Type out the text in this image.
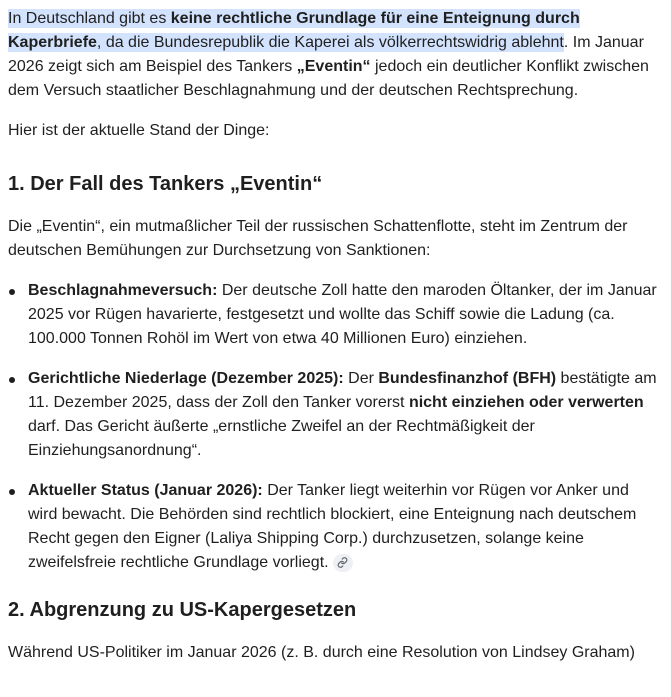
In Deutschland gibt es keine rechtliche Grundlage für eine Enteignung durch Kaperbriefe, da die Bundesrepublik die Kaperei als völkerrechtswidrig ablehnt. Im Januar 2026 zeigt sich am Beispiel des Tankers „Eventin“ jedoch ein deutlicher Konflikt zwischen dem Versuch staatlicher Beschlagnahmung und der deutschen Rechtsprechung.

Hier ist der aktuelle Stand der Dinge:

1. Der Fall des Tankers „Eventin“

Die „Eventin“, ein mutmaßlicher Teil der russischen Schattenflotte, steht im Zentrum der deutschen Bemühungen zur Durchsetzung von Sanktionen:

Beschlagnahmeversuch: Der deutsche Zoll hatte den maroden Öltanker, der im Januar 2025 vor Rügen havarierte, festgesetzt und wollte das Schiff sowie die Ladung (ca. 100.000 Tonnen Rohöl im Wert von etwa 40 Millionen Euro) einziehen.
Gerichtliche Niederlage (Dezember 2025): Der Bundesfinanzhof (BFH) bestätigte am 11. Dezember 2025, dass der Zoll den Tanker vorerst nicht einziehen oder verwerten darf. Das Gericht äußerte „ernstliche Zweifel an der Rechtmäßigkeit der Einziehungsanordnung“.
Aktueller Status (Januar 2026): Der Tanker liegt weiterhin vor Rügen vor Anker und wird bewacht. Die Behörden sind rechtlich blockiert, eine Enteignung nach deutschem Recht gegen den Eigner (Laliya Shipping Corp.) durchzusetzen, solange keine zweifelsfreie rechtliche Grundlage vorliegt.
2. Abgrenzung zu US-Kapergesetzen

Während US-Politiker im Januar 2026 (z. B. durch eine Resolution von Lindsey Graham)
